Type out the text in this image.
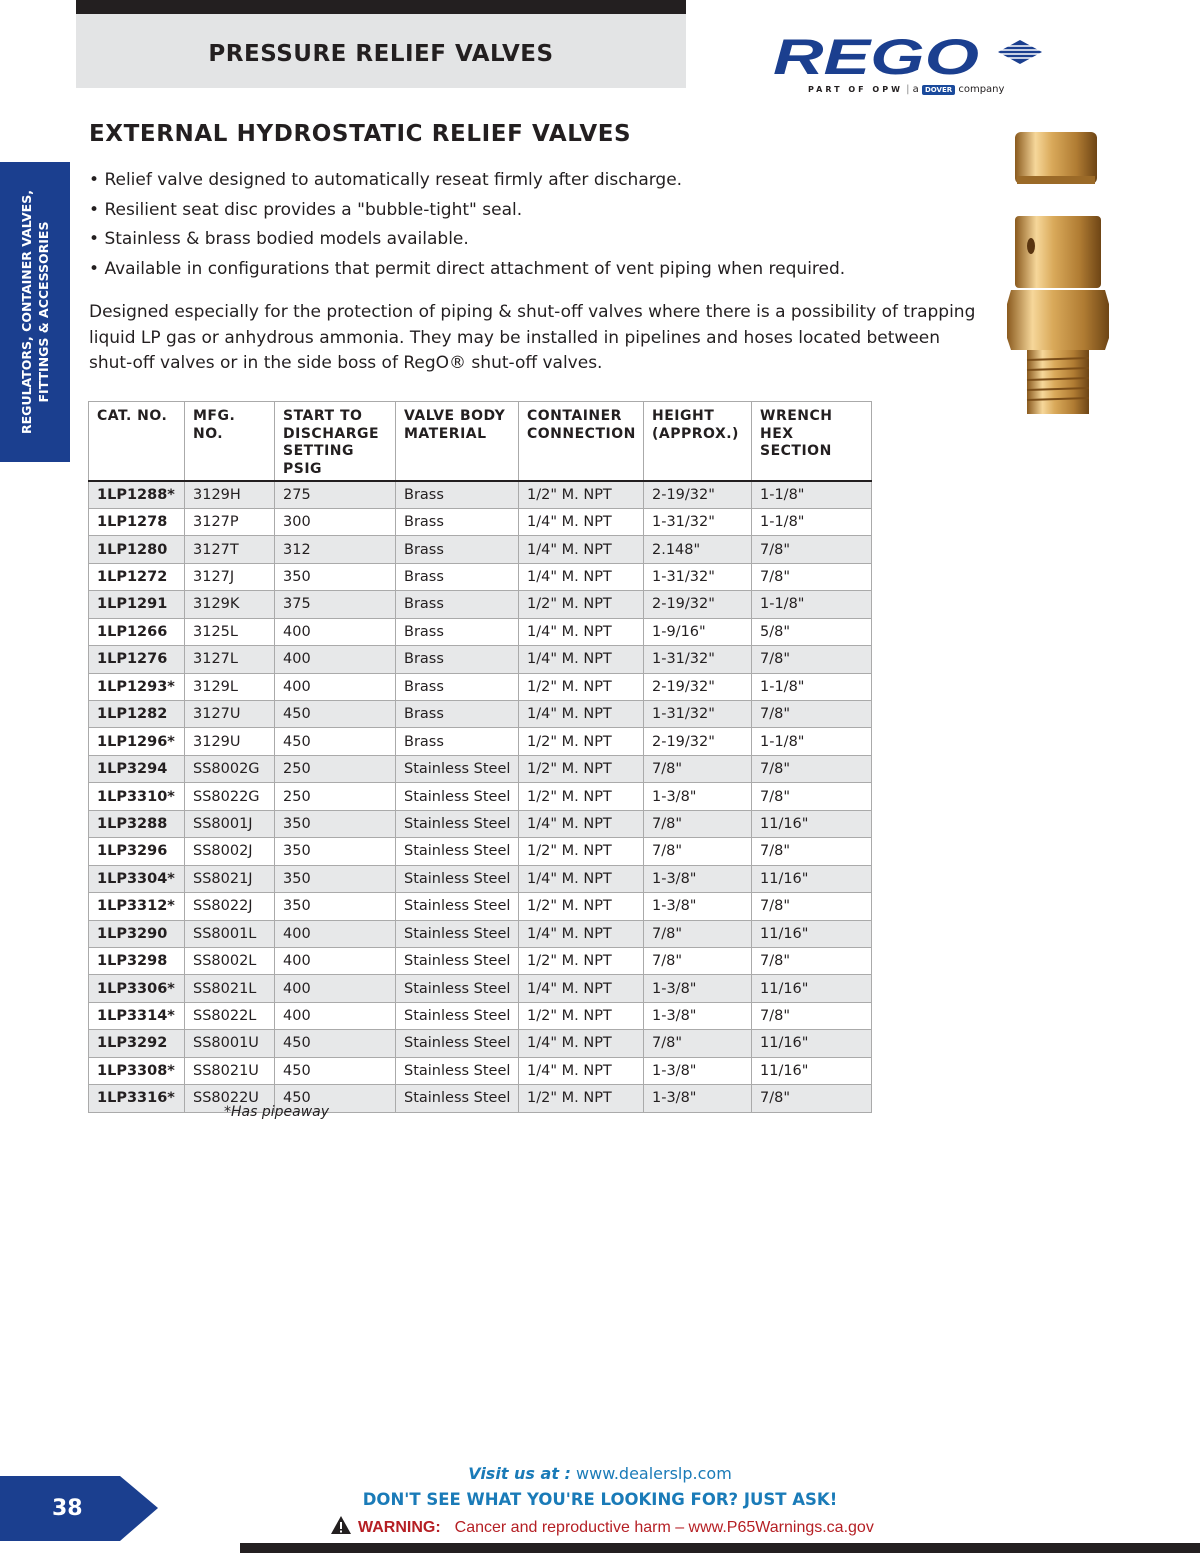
PRESSURE RELIEF VALVES	REGO
PART OF OPW | a DOVER company
REGULATORS, CONTAINER VALVES, FITTINGS & ACCESSORIES
EXTERNAL HYDROSTATIC RELIEF VALVES
• Relief valve designed to automatically reseat firmly after discharge.
• Resilient seat disc provides a "bubble-tight" seal.
• Stainless & brass bodied models available.
• Available in configurations that permit direct attachment of vent piping when required.

Designed especially for the protection of piping & shut-off valves where there is a possibility of trapping liquid LP gas or anhydrous ammonia. They may be installed in pipelines and hoses located between shut-off valves or in the side boss of RegO® shut-off valves.

CAT. NO.	MFG. NO.	START TO DISCHARGE SETTING PSIG	VALVE BODY MATERIAL	CONTAINER CONNECTION	HEIGHT (APPROX.)	WRENCH HEX SECTION
1LP1288*	3129H	275	Brass	1/2" M. NPT	2-19/32"	1-1/8"
1LP1278	3127P	300	Brass	1/4" M. NPT	1-31/32"	1-1/8"
1LP1280	3127T	312	Brass	1/4" M. NPT	2.148"	7/8"
1LP1272	3127J	350	Brass	1/4" M. NPT	1-31/32"	7/8"
1LP1291	3129K	375	Brass	1/2" M. NPT	2-19/32"	1-1/8"
1LP1266	3125L	400	Brass	1/4" M. NPT	1-9/16"	5/8"
1LP1276	3127L	400	Brass	1/4" M. NPT	1-31/32"	7/8"
1LP1293*	3129L	400	Brass	1/2" M. NPT	2-19/32"	1-1/8"
1LP1282	3127U	450	Brass	1/4" M. NPT	1-31/32"	7/8"
1LP1296*	3129U	450	Brass	1/2" M. NPT	2-19/32"	1-1/8"
1LP3294	SS8002G	250	Stainless Steel	1/2" M. NPT	7/8"	7/8"
1LP3310*	SS8022G	250	Stainless Steel	1/2" M. NPT	1-3/8"	7/8"
1LP3288	SS8001J	350	Stainless Steel	1/4" M. NPT	7/8"	11/16"
1LP3296	SS8002J	350	Stainless Steel	1/2" M. NPT	7/8"	7/8"
1LP3304*	SS8021J	350	Stainless Steel	1/4" M. NPT	1-3/8"	11/16"
1LP3312*	SS8022J	350	Stainless Steel	1/2" M. NPT	1-3/8"	7/8"
1LP3290	SS8001L	400	Stainless Steel	1/4" M. NPT	7/8"	11/16"
1LP3298	SS8002L	400	Stainless Steel	1/2" M. NPT	7/8"	7/8"
1LP3306*	SS8021L	400	Stainless Steel	1/4" M. NPT	1-3/8"	11/16"
1LP3314*	SS8022L	400	Stainless Steel	1/2" M. NPT	1-3/8"	7/8"
1LP3292	SS8001U	450	Stainless Steel	1/4" M. NPT	7/8"	11/16"
1LP3308*	SS8021U	450	Stainless Steel	1/4" M. NPT	1-3/8"	11/16"
1LP3316*	SS8022U	450	Stainless Steel	1/2" M. NPT	1-3/8"	7/8"
*Has pipeaway
38
Visit us at : www.dealerslp.com
DON'T SEE WHAT YOU'RE LOOKING FOR? JUST ASK!
WARNING: Cancer and reproductive harm – www.P65Warnings.ca.gov
